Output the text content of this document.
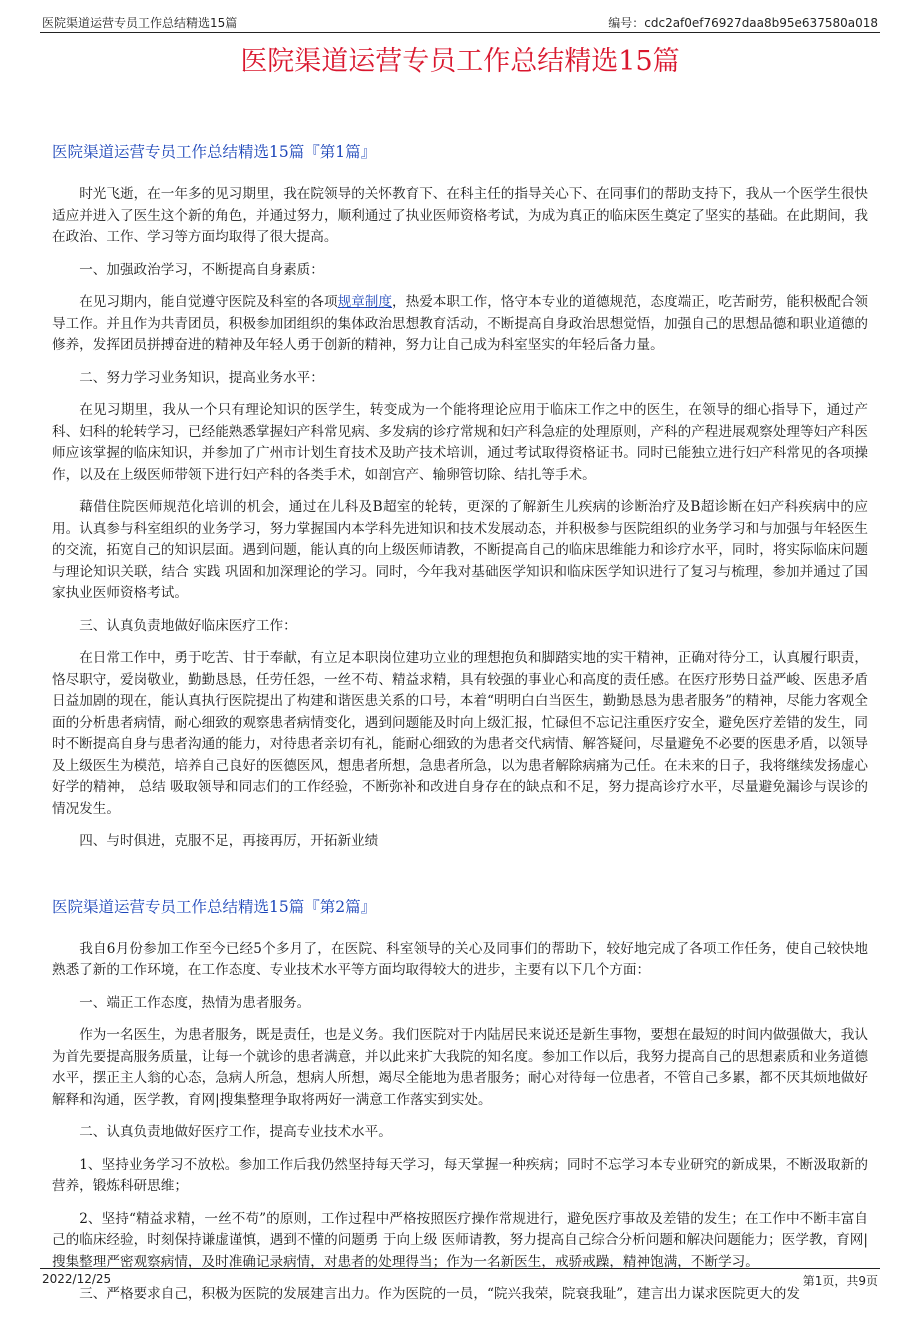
医院渠道运营专员工作总结精选15篇	编号：cdc2af0ef76927daa8b95e637580a018
医院渠道运营专员工作总结精选15篇
医院渠道运营专员工作总结精选15篇『第1篇』

时光飞逝，在一年多的见习期里，我在院领导的关怀教育下、在科主任的指导关心下、在同事们的帮助支持下，我从一个医学生很快适应并进入了医生这个新的角色，并通过努力，顺利通过了执业医师资格考试，为成为真正的临床医生奠定了坚实的基础。在此期间，我在政治、工作、学习等方面均取得了很大提高。

一、加强政治学习，不断提高自身素质：

在见习期内，能自觉遵守医院及科室的各项规章制度，热爱本职工作，恪守本专业的道德规范，态度端正，吃苦耐劳，能积极配合领导工作。并且作为共青团员，积极参加团组织的集体政治思想教育活动，不断提高自身政治思想觉悟，加强自己的思想品德和职业道德的修养，发挥团员拼搏奋进的精神及年轻人勇于创新的精神，努力让自己成为科室坚实的年轻后备力量。

二、努力学习业务知识，提高业务水平：

在见习期里，我从一个只有理论知识的医学生，转变成为一个能将理论应用于临床工作之中的医生，在领导的细心指导下，通过产科、妇科的轮转学习，已经能熟悉掌握妇产科常见病、多发病的诊疗常规和妇产科急症的处理原则，产科的产程进展观察处理等妇产科医师应该掌握的临床知识，并参加了广州市计划生育技术及助产技术培训，通过考试取得资格证书。同时已能独立进行妇产科常见的各项操作，以及在上级医师带领下进行妇产科的各类手术，如剖宫产、输卵管切除、结扎等手术。

藉借住院医师规范化培训的机会，通过在儿科及B超室的轮转，更深的了解新生儿疾病的诊断治疗及B超诊断在妇产科疾病中的应用。认真参与科室组织的业务学习，努力掌握国内本学科先进知识和技术发展动态，并积极参与医院组织的业务学习和与加强与年轻医生的交流，拓宽自己的知识层面。遇到问题，能认真的向上级医师请教，不断提高自己的临床思维能力和诊疗水平，同时，将实际临床问题与理论知识关联，结合 实践 巩固和加深理论的学习。同时，今年我对基础医学知识和临床医学知识进行了复习与梳理，参加并通过了国家执业医师资格考试。

三、认真负责地做好临床医疗工作：

在日常工作中，勇于吃苦、甘于奉献，有立足本职岗位建功立业的理想抱负和脚踏实地的实干精神，正确对待分工，认真履行职责，恪尽职守，爱岗敬业，勤勤恳恳，任劳任怨，一丝不苟、精益求精，具有较强的事业心和高度的责任感。在医疗形势日益严峻、医患矛盾日益加剧的现在，能认真执行医院提出了构建和谐医患关系的口号，本着“明明白白当医生，勤勤恳恳为患者服务”的精神，尽能力客观全面的分析患者病情，耐心细致的观察患者病情变化，遇到问题能及时向上级汇报，忙碌但不忘记注重医疗安全，避免医疗差错的发生，同时不断提高自身与患者沟通的能力，对待患者亲切有礼，能耐心细致的为患者交代病情、解答疑问，尽量避免不必要的医患矛盾，以领导及上级医生为模范，培养自己良好的医德医风，想患者所想，急患者所急，以为患者解除病痛为己任。在未来的日子，我将继续发扬虚心好学的精神， 总结 吸取领导和同志们的工作经验，不断弥补和改进自身存在的缺点和不足，努力提高诊疗水平，尽量避免漏诊与误诊的情况发生。

四、与时俱进，克服不足，再接再厉，开拓新业绩

医院渠道运营专员工作总结精选15篇『第2篇』

我自6月份参加工作至今已经5个多月了，在医院、科室领导的关心及同事们的帮助下，较好地完成了各项工作任务，使自己较快地熟悉了新的工作环境，在工作态度、专业技术水平等方面均取得较大的进步，主要有以下几个方面：

一、端正工作态度，热情为患者服务。

作为一名医生，为患者服务，既是责任，也是义务。我们医院对于内陆居民来说还是新生事物，要想在最短的时间内做强做大，我认为首先要提高服务质量，让每一个就诊的患者满意，并以此来扩大我院的知名度。参加工作以后，我努力提高自己的思想素质和业务道德水平，摆正主人翁的心态，急病人所急，想病人所想，竭尽全能地为患者服务；耐心对待每一位患者，不管自己多累，都不厌其烦地做好解释和沟通，医学教，育网|搜集整理争取将两好一满意工作落实到实处。

二、认真负责地做好医疗工作，提高专业技术水平。

1、坚持业务学习不放松。参加工作后我仍然坚持每天学习，每天掌握一种疾病；同时不忘学习本专业研究的新成果，不断汲取新的营养，锻炼科研思维；

2、坚持“精益求精，一丝不苟”的原则，工作过程中严格按照医疗操作常规进行，避免医疗事故及差错的发生；在工作中不断丰富自己的临床经验，时刻保持谦虚谨慎，遇到不懂的问题勇 于向上级 医师请教，努力提高自己综合分析问题和解决问题能力；医学教，育网|搜集整理严密观察病情，及时准确记录病情，对患者的处理得当；作为一名新医生，戒骄戒躁，精神饱满，不断学习。

三、严格要求自己，积极为医院的发展建言出力。作为医院的一员，“院兴我荣，院衰我耻”，建言出力谋求医院更大的发

2022/12/25	第1页，共9页
